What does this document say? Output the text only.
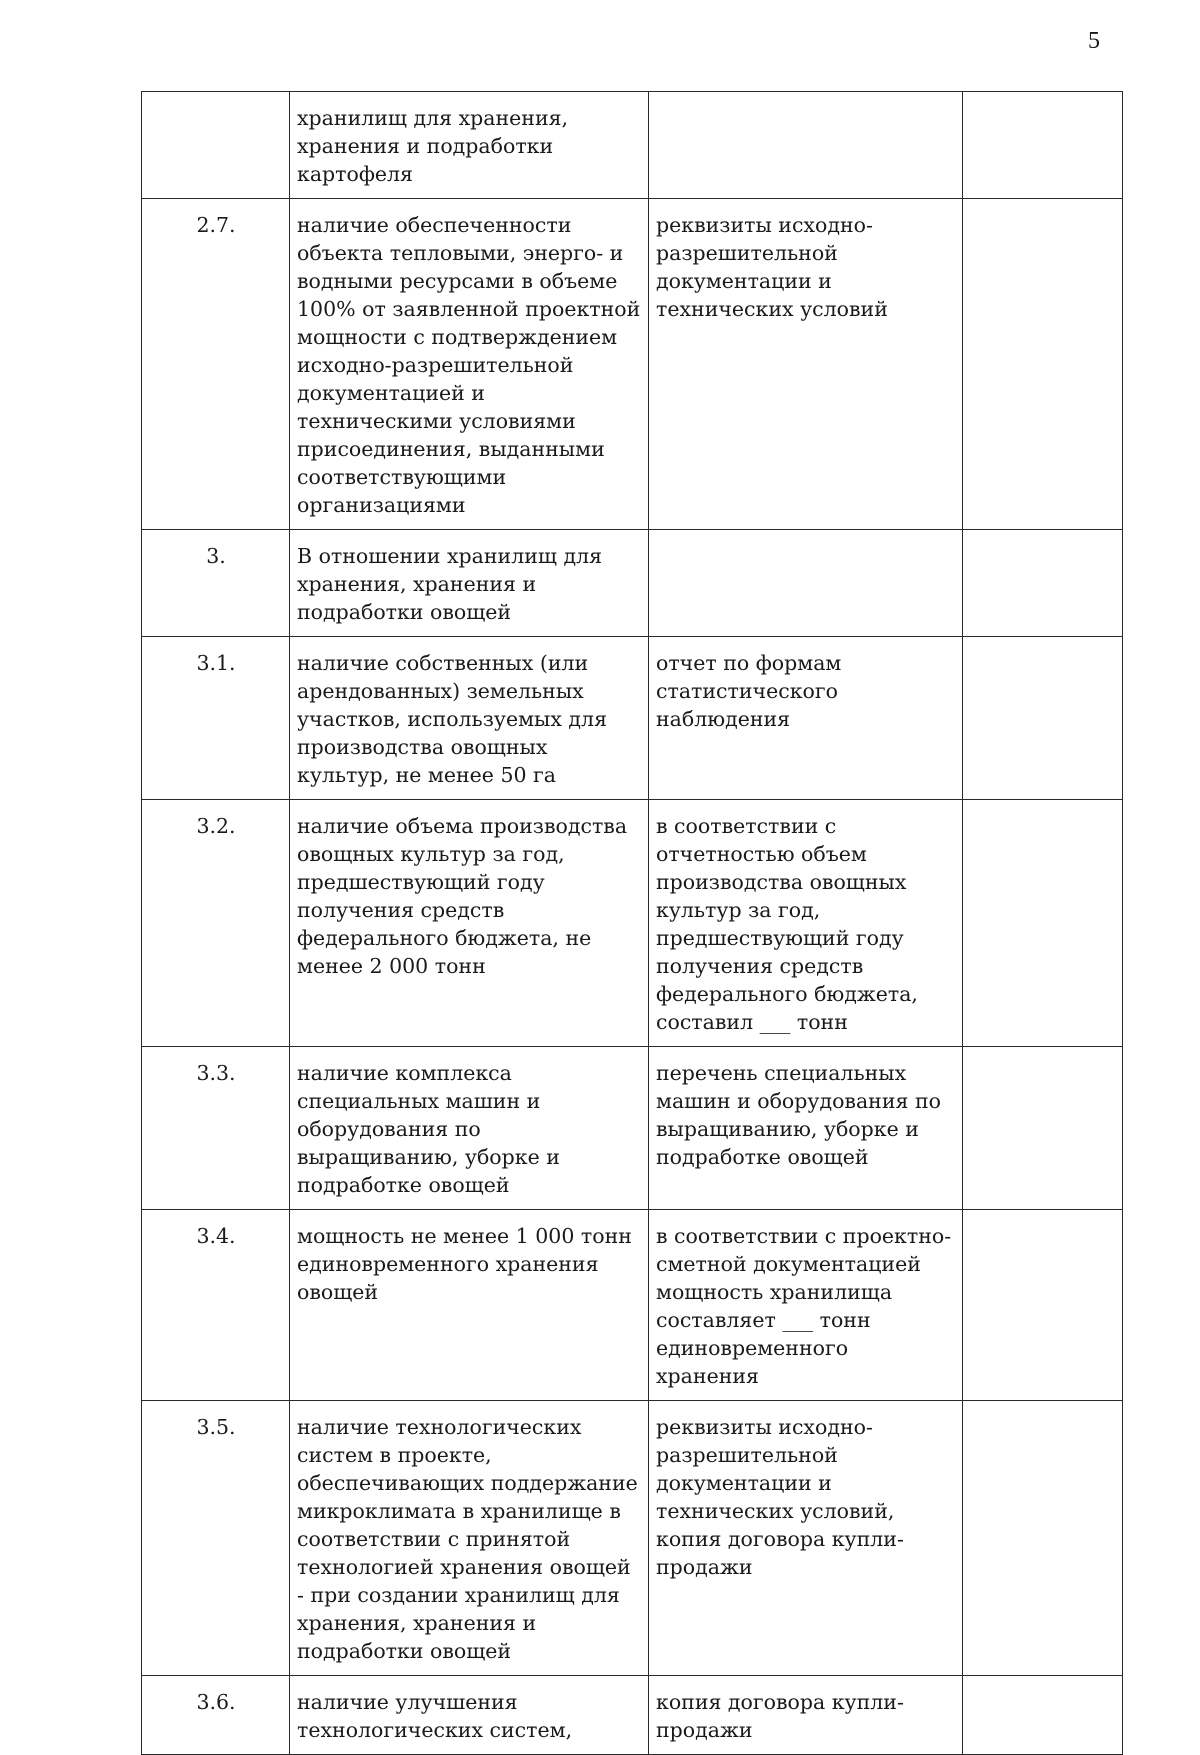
5
	хранилищ для хранения, хранения и подработки картофеля		
2.7.	наличие обеспеченности объекта тепловыми, энерго- и водными ресурсами в объеме 100% от заявленной проектной мощности с подтверждением исходно-разрешительной документацией и техническими условиями присоединения, выданными соответствующими организациями	реквизиты исходно-разрешительной документации и технических условий	
3.	В отношении хранилищ для хранения, хранения и подработки овощей		
3.1.	наличие собственных (или арендованных) земельных участков, используемых для производства овощных культур, не менее 50 га	отчет по формам статистического наблюдения	
3.2.	наличие объема производства овощных культур за год, предшествующий году получения средств федерального бюджета, не менее 2 000 тонн	в соответствии с отчетностью объем производства овощных культур за год, предшествующий году получения средств федерального бюджета, составил ___ тонн	
3.3.	наличие комплекса специальных машин и оборудования по выращиванию, уборке и подработке овощей	перечень специальных машин и оборудования по выращиванию, уборке и подработке овощей	
3.4.	мощность не менее 1 000 тонн единовременного хранения овощей	в соответствии с проектно-сметной документацией мощность хранилища составляет ___ тонн единовременного хранения	
3.5.	наличие технологических систем в проекте, обеспечивающих поддержание микроклимата в хранилище в соответствии с принятой технологией хранения овощей - при создании хранилищ для хранения, хранения и подработки овощей	реквизиты исходно-разрешительной документации и технических условий, копия договора купли-продажи	
3.6.	наличие улучшения технологических систем,	копия договора купли-продажи	
